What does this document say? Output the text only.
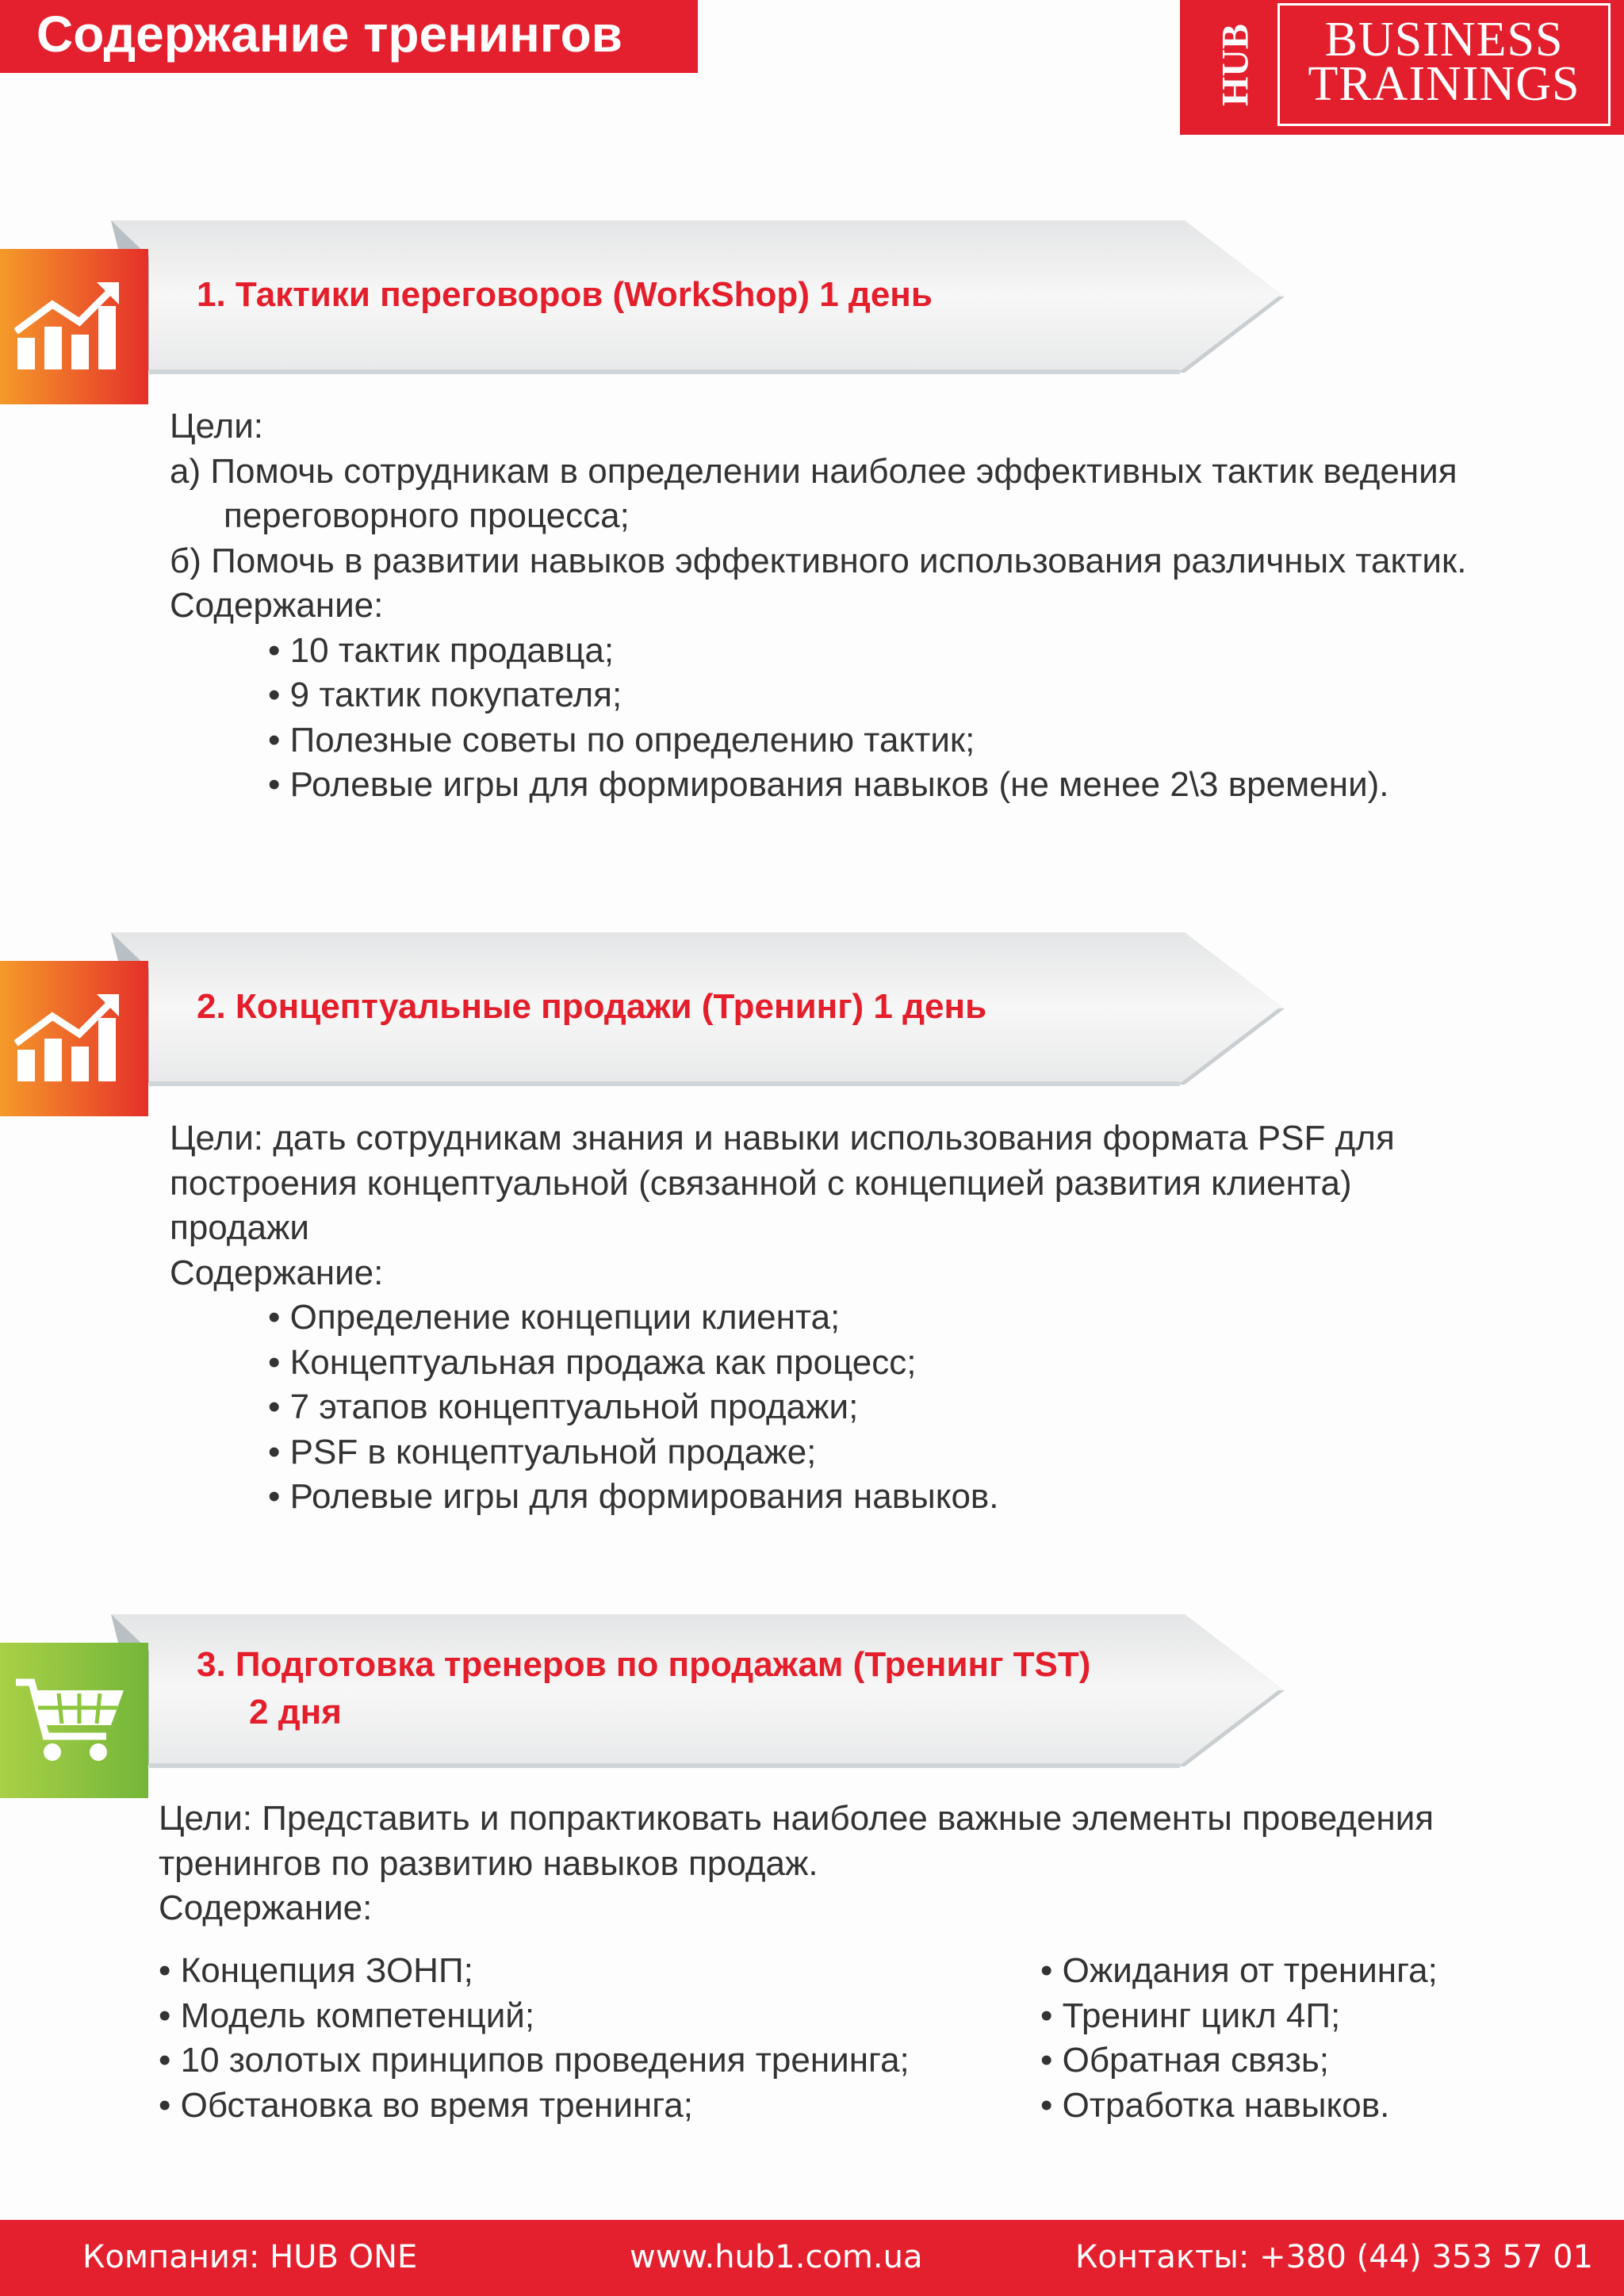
Содержание тренингов	HUB	BUSINESS
TRAININGS
1. Тактики переговоров (WorkShop) 1 день

Цели:

а) Помочь сотрудникам в определении наиболее эффективных тактик ведения

переговорного процесса;

б) Помочь в развитии навыков эффективного использования различных тактик.

Содержание:

• 10 тактик продавца;

• 9 тактик покупателя;

• Полезные советы по определению тактик;

• Ролевые игры для формирования навыков (не менее 2\3 времени).

2. Концептуальные продажи (Тренинг) 1 день

Цели: дать сотрудникам знания и навыки использования формата PSF для

построения концептуальной (связанной с концепцией развития клиента)

продажи

Содержание:

• Определение концепции клиента;

• Концептуальная продажа как процесс;

• 7 этапов концептуальной продажи;

• PSF в концептуальной продаже;

• Ролевые игры для формирования навыков.

3. Подготовка тренеров по продажам (Тренинг TST)
2 дня

Цели: Представить и попрактиковать наиболее важные элементы проведения

тренингов по развитию навыков продаж.

Содержание:

• Концепция ЗОНП;
• Модель компетенций;
• 10 золотых принципов проведения тренинга;
• Обстановка во время тренинга;
• Ожидания от тренинга;
• Тренинг цикл 4П;
• Обратная связь;
• Отработка навыков.
Компания: HUB ONE	www.hub1.com.ua	Контакты: +380 (44) 353 57 01
